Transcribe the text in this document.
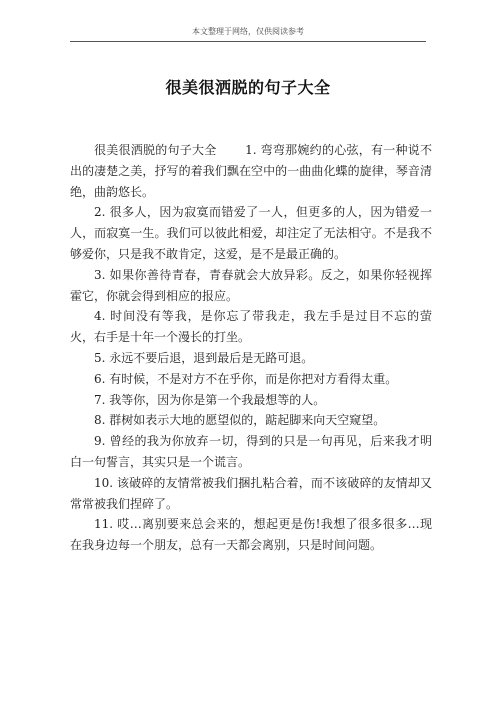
本文整理于网络，仅供阅读参考
很美很洒脱的句子大全

很美很洒脱的句子大全　　 1. 弯弯那婉约的心弦，有一种说不出的凄楚之美，抒写的着我们飘在空中的一曲曲化蝶的旋律，琴音清绝，曲韵悠长。

2. 很多人，因为寂寞而错爱了一人，但更多的人，因为错爱一人，而寂寞一生。我们可以彼此相爱，却注定了无法相守。不是我不够爱你，只是我不敢肯定，这爱，是不是最正确的。

3. 如果你善待青春，青春就会大放异彩。反之，如果你轻视挥霍它，你就会得到相应的报应。

4. 时间没有等我，是你忘了带我走，我左手是过目不忘的萤火，右手是十年一个漫长的打坐。

5. 永远不要后退，退到最后是无路可退。

6. 有时候，不是对方不在乎你，而是你把对方看得太重。

7. 我等你，因为你是第一个我最想等的人。

8. 群树如表示大地的愿望似的，踮起脚来向天空窥望。

9. 曾经的我为你放弃一切，得到的只是一句再见，后来我才明白一句誓言，其实只是一个谎言。

10. 该破碎的友情常被我们捆扎粘合着，而不该破碎的友情却又常常被我们捏碎了。

11. 哎…离别要来总会来的，想起更是伤!我想了很多很多…现在我身边每一个朋友，总有一天都会离别，只是时间问题。
